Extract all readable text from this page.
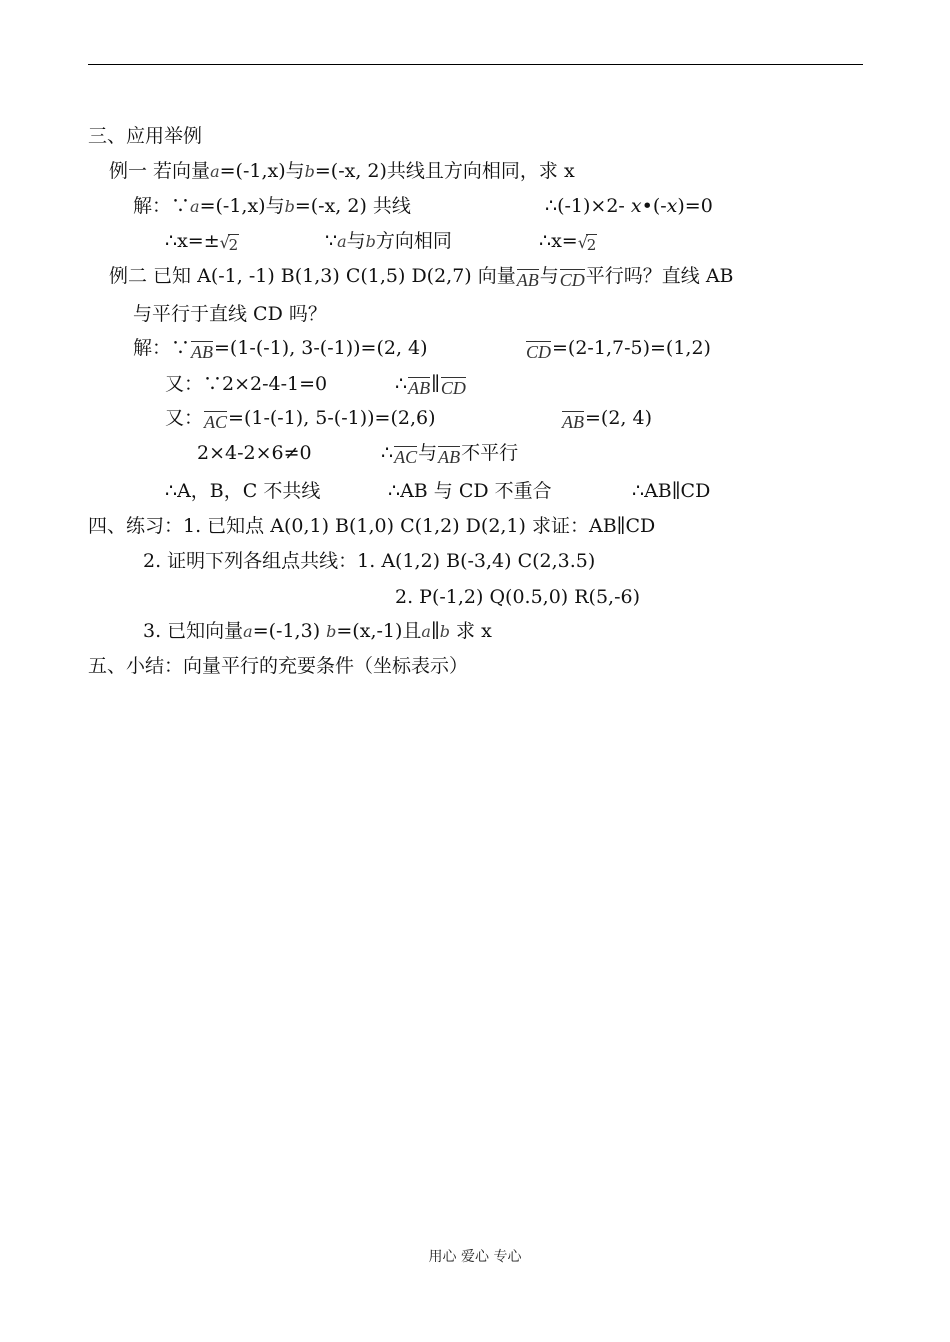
三、应用举例
例一 若向量a=(-1,x)与b=(-x, 2)共线且方向相同，求 x
解：∵a=(-1,x)与b=(-x, 2) 共线	∴(-1)×2- x•(-x)=0
∴x=± √ 2	∵a与b方向相同	∴x= √ 2
例二 已知 A(-1, -1) B(1,3) C(1,5) D(2,7) 向量AB与CD平行吗？直线 AB
与平行于直线 CD 吗？
解：∵AB=(1-(-1), 3-(-1))=(2, 4)	CD=(2-1,7-5)=(1,2)
又：∵2×2-4-1=0	∴AB∥CD
又：AC=(1-(-1), 5-(-1))=(2,6)	AB=(2, 4)
2×4-2×6≠0	∴AC与AB不平行
∴A，B，C 不共线	∴AB 与 CD 不重合	∴AB∥CD
四、练习：1. 已知点 A(0,1) B(1,0) C(1,2) D(2,1) 求证：AB∥CD
2. 证明下列各组点共线：1. A(1,2) B(-3,4) C(2,3.5)
2. P(-1,2) Q(0.5,0) R(5,-6)
3. 已知向量a=(-1,3) b=(x,-1)且a∥b 求 x
五、小结：向量平行的充要条件（坐标表示）
用心 爱心 专心
